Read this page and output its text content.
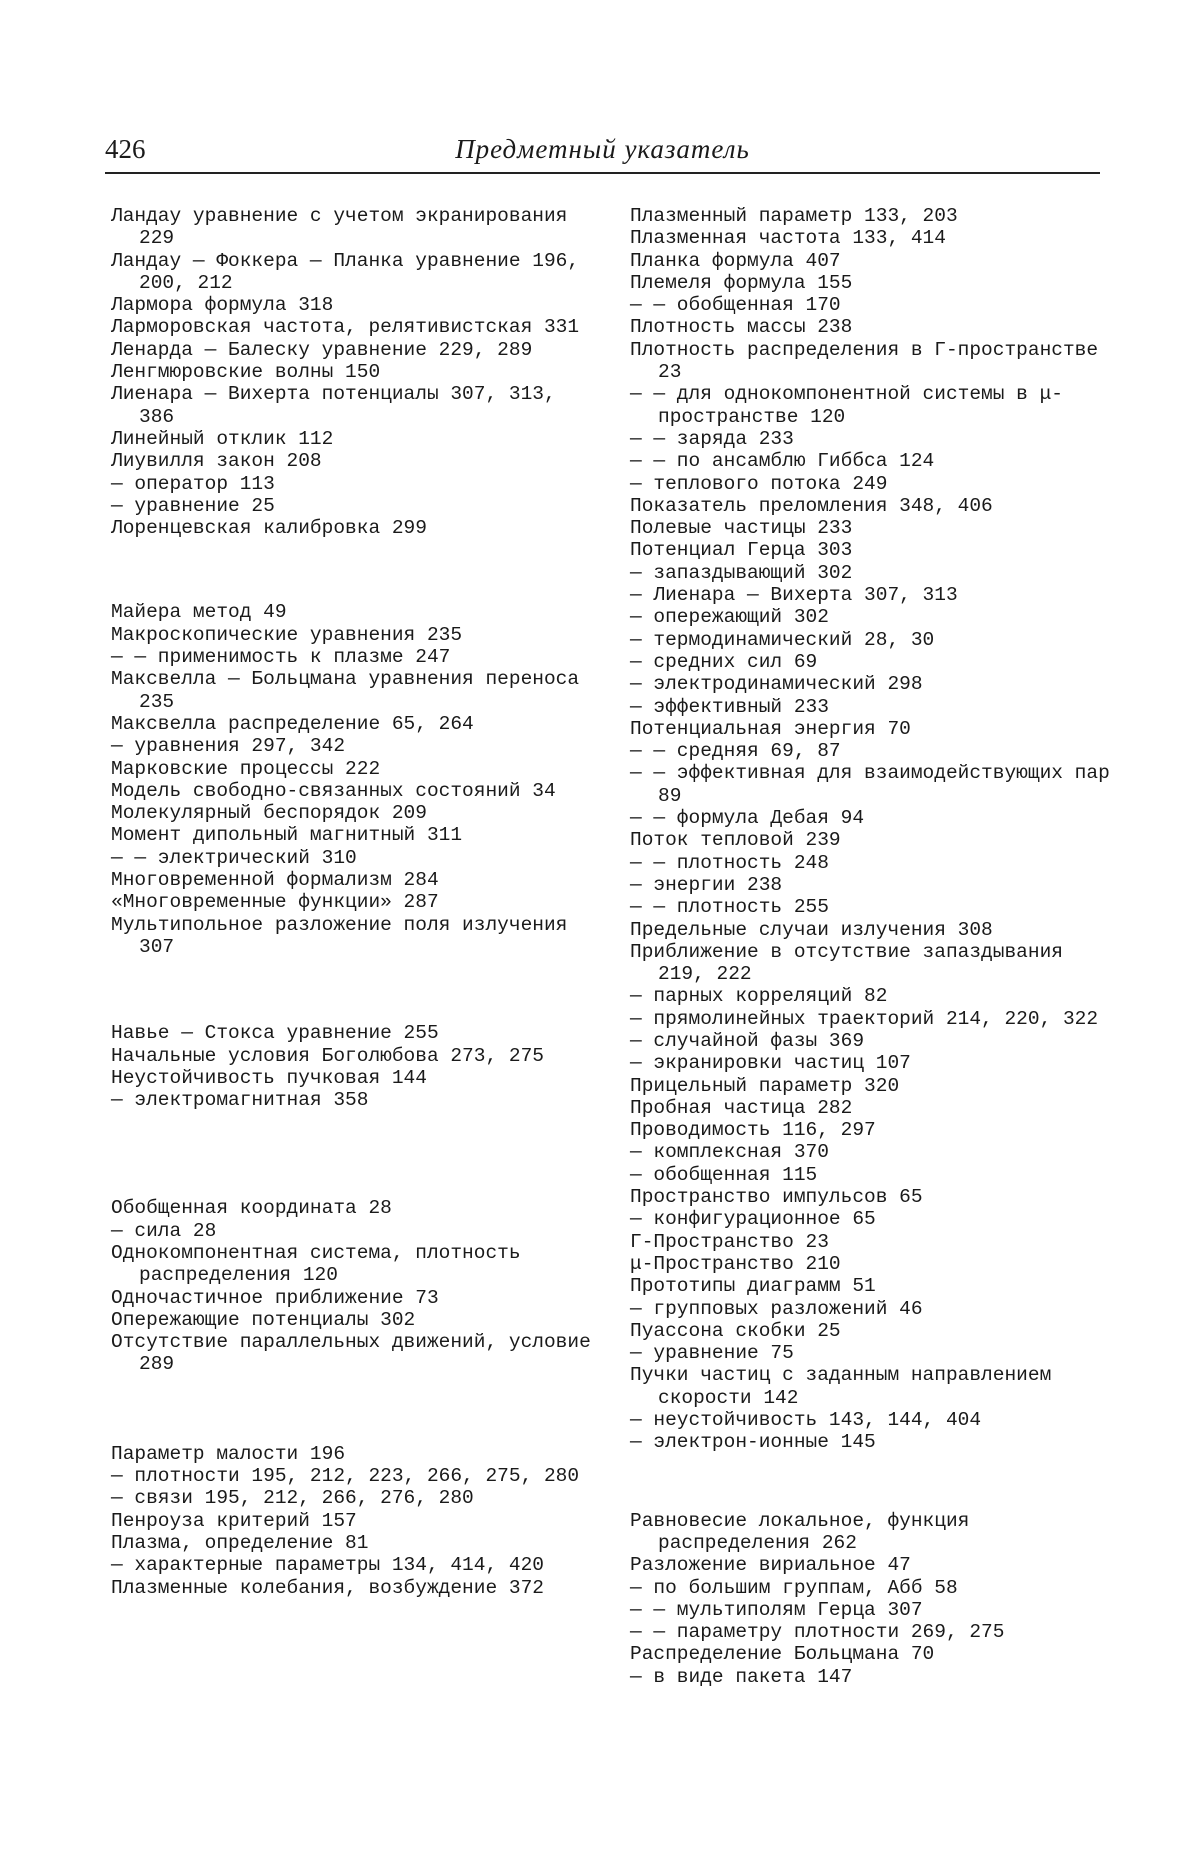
426	Предметный указатель
Ландау уравнение с учетом экранирования 229
Ландау — Фоккера — Планка уравнение 196, 200, 212
Лармора формула 318
Лармoровская частота, релятивистская 331
Ленарда — Балеску уравнение 229, 289
Ленгмюровские волны 150
Лиенара — Вихерта потенциалы 307, 313, 386
Линейный отклик 112
Лиувилля закон 208
— оператор 113
— уравнение 25
Лоренцевская калибровка 299
Майера метод 49
Макроскопические уравнения 235
— — применимость к плазме 247
Максвелла — Больцмана уравнения переноса 235
Максвелла распределение 65, 264
— уравнения 297, 342
Марковские процессы 222
Модель свободно-связанных состояний 34
Молекулярный беспорядок 209
Момент дипольный магнитный 311
— — электрический 310
Многовременной формализм 284
«Многовременные функции» 287
Мультипольное разложение поля излучения 307
Навье — Стокса уравнение 255
Начальные условия Боголюбова 273, 275
Неустойчивость пучковая 144
— электромагнитная 358
Обобщенная координата 28
— сила 28
Однокомпонентная система, плотность распределения 120
Одночастичное приближение 73
Опережающие потенциалы 302
Отсутствие параллельных движений, условие 289
Параметр малости 196
— плотности 195, 212, 223, 266, 275, 280
— связи 195, 212, 266, 276, 280
Пенроуза критерий 157
Плазма, определение 81
— характерные параметры 134, 414, 420
Плазменные колебания, возбуждение 372
Плазменный параметр 133, 203
Плазменная частота 133, 414
Планка формула 407
Племеля формула 155
— — обобщенная 170
Плотность массы 238
Плотность распределения в Г-пространстве 23
— — для однокомпонентной системы в μ-пространстве 120
— — заряда 233
— — по ансамблю Гиббса 124
— теплового потока 249
Показатель преломления 348, 406
Полевые частицы 233
Потенциал Герца 303
— запаздывающий 302
— Лиенара — Вихерта 307, 313
— опережающий 302
— термодинамический 28, 30
— средних сил 69
— электродинамический 298
— эффективный 233
Потенциальная энергия 70
— — средняя 69, 87
— — эффективная для взаимодействующих пар 89
— — формула Дебая 94
Поток тепловой 239
— — плотность 248
— энергии 238
— — плотность 255
Предельные случаи излучения 308
Приближение в отсутствие запаздывания 219, 222
— парных корреляций 82
— прямолинейных траекторий 214, 220, 322
— случайной фазы 369
— экранировки частиц 107
Прицельный параметр 320
Пробная частица 282
Проводимость 116, 297
— комплексная 370
— обобщенная 115
Пространство импульсов 65
— конфигурационное 65
Г-Пространство 23
μ-Пространство 210
Прототипы диаграмм 51
— групповых разложений 46
Пуассона скобки 25
— уравнение 75
Пучки частиц с заданным направлением скорости 142
— неустойчивость 143, 144, 404
— электрон-ионные 145
Равновесие локальное, функция распределения 262
Разложение вириальное 47
— по большим группам, Абб 58
— — мультиполям Герца 307
— — параметру плотности 269, 275
Распределение Больцмана 70
— в виде пакета 147
